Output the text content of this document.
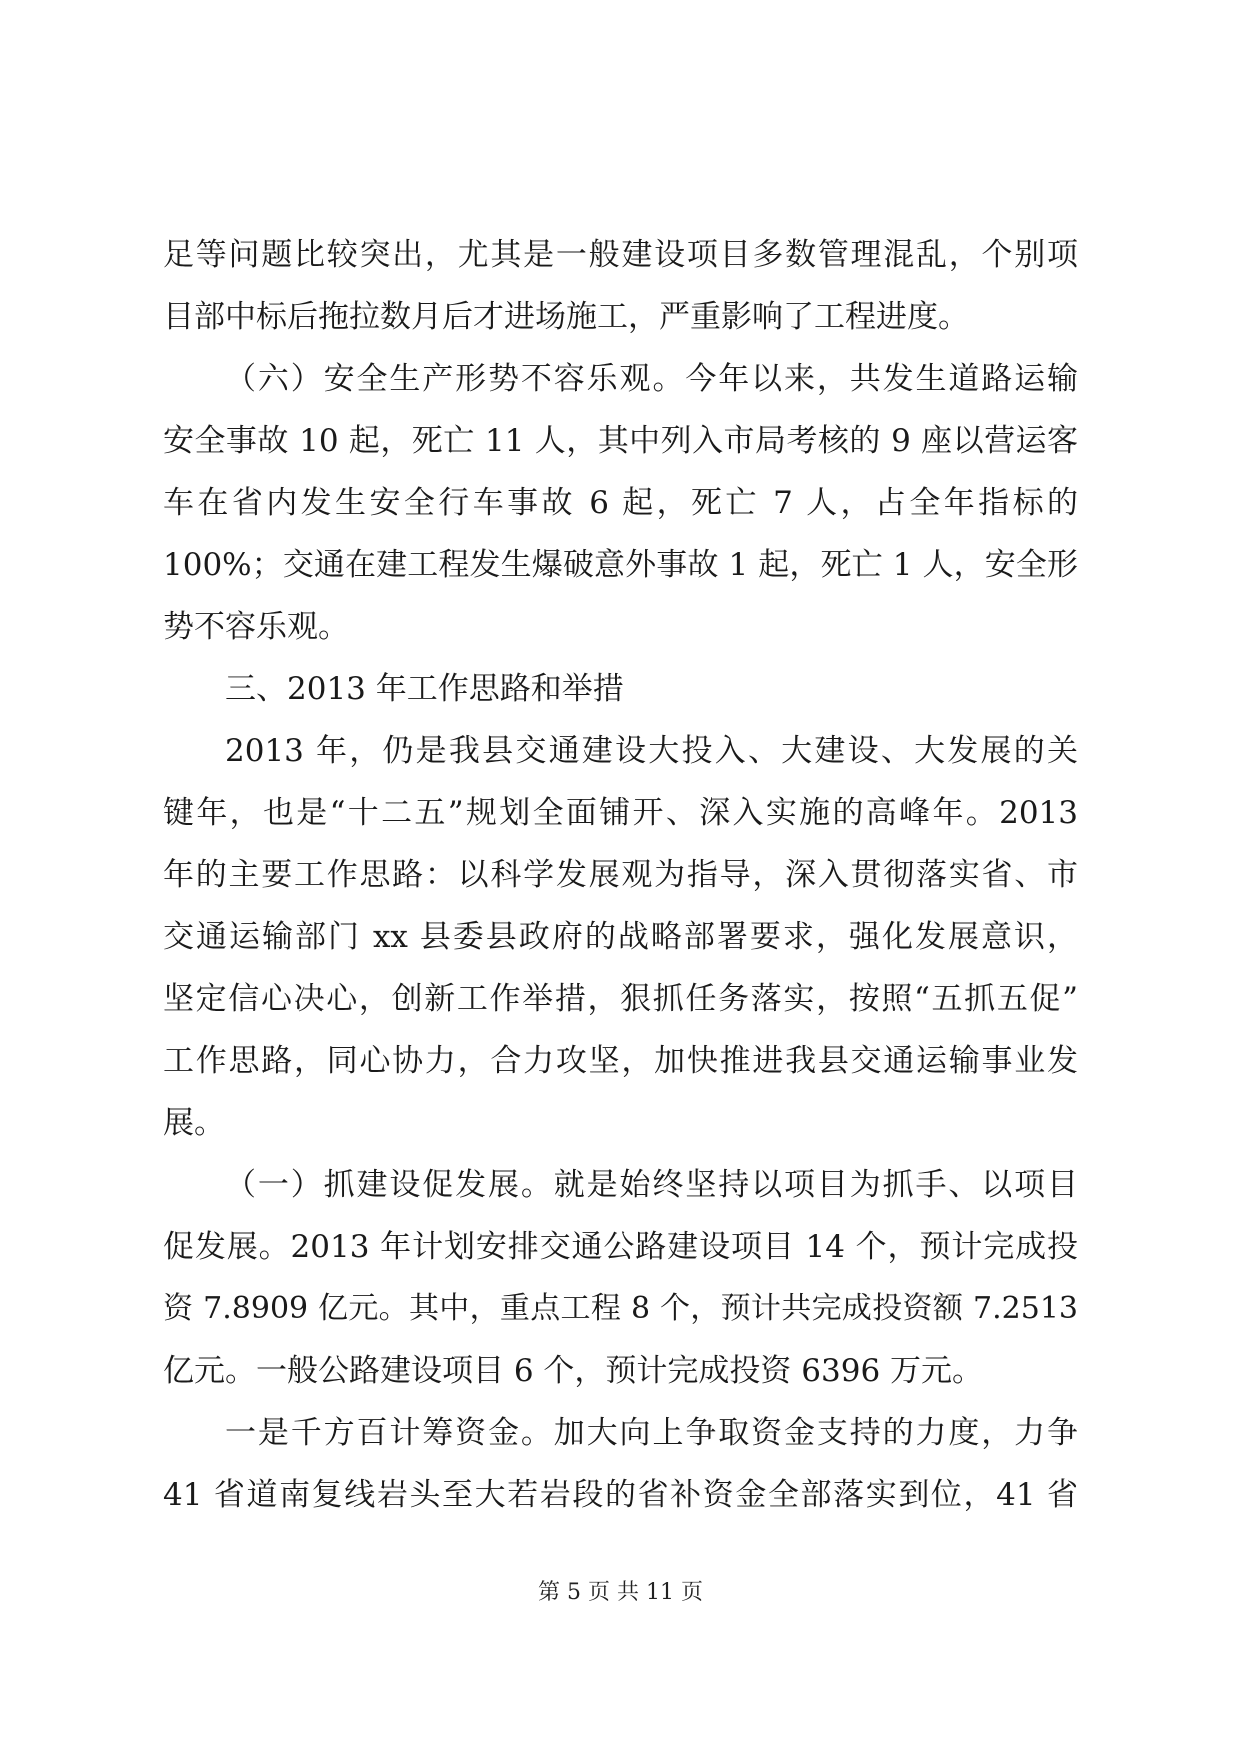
足等问题比较突出，尤其是一般建设项目多数管理混乱，个别项
目部中标后拖拉数月后才进场施工，严重影响了工程进度。
（六）安全生产形势不容乐观。今年以来，共发生道路运输
安全事故 10 起，死亡 11 人，其中列入市局考核的 9 座以营运客
车在省内发生安全行车事故 6 起，死亡 7 人，占全年指标的
100%；交通在建工程发生爆破意外事故 1 起，死亡 1 人，安全形
势不容乐观。
三、2013 年工作思路和举措
2013 年，仍是我县交通建设大投入、大建设、大发展的关
键年，也是“十二五”规划全面铺开、深入实施的高峰年。2013
年的主要工作思路：以科学发展观为指导，深入贯彻落实省、市
交通运输部门 xx 县委县政府的战略部署要求，强化发展意识，
坚定信心决心，创新工作举措，狠抓任务落实，按照“五抓五促”
工作思路，同心协力，合力攻坚，加快推进我县交通运输事业发
展。
（一）抓建设促发展。就是始终坚持以项目为抓手、以项目
促发展。2013 年计划安排交通公路建设项目 14 个，预计完成投
资 7.8909 亿元。其中，重点工程 8 个，预计共完成投资额 7.2513
亿元。一般公路建设项目 6 个，预计完成投资 6396 万元。
一是千方百计筹资金。加大向上争取资金支持的力度，力争
41 省道南复线岩头至大若岩段的省补资金全部落实到位，41 省
第 5 页 共 11 页
